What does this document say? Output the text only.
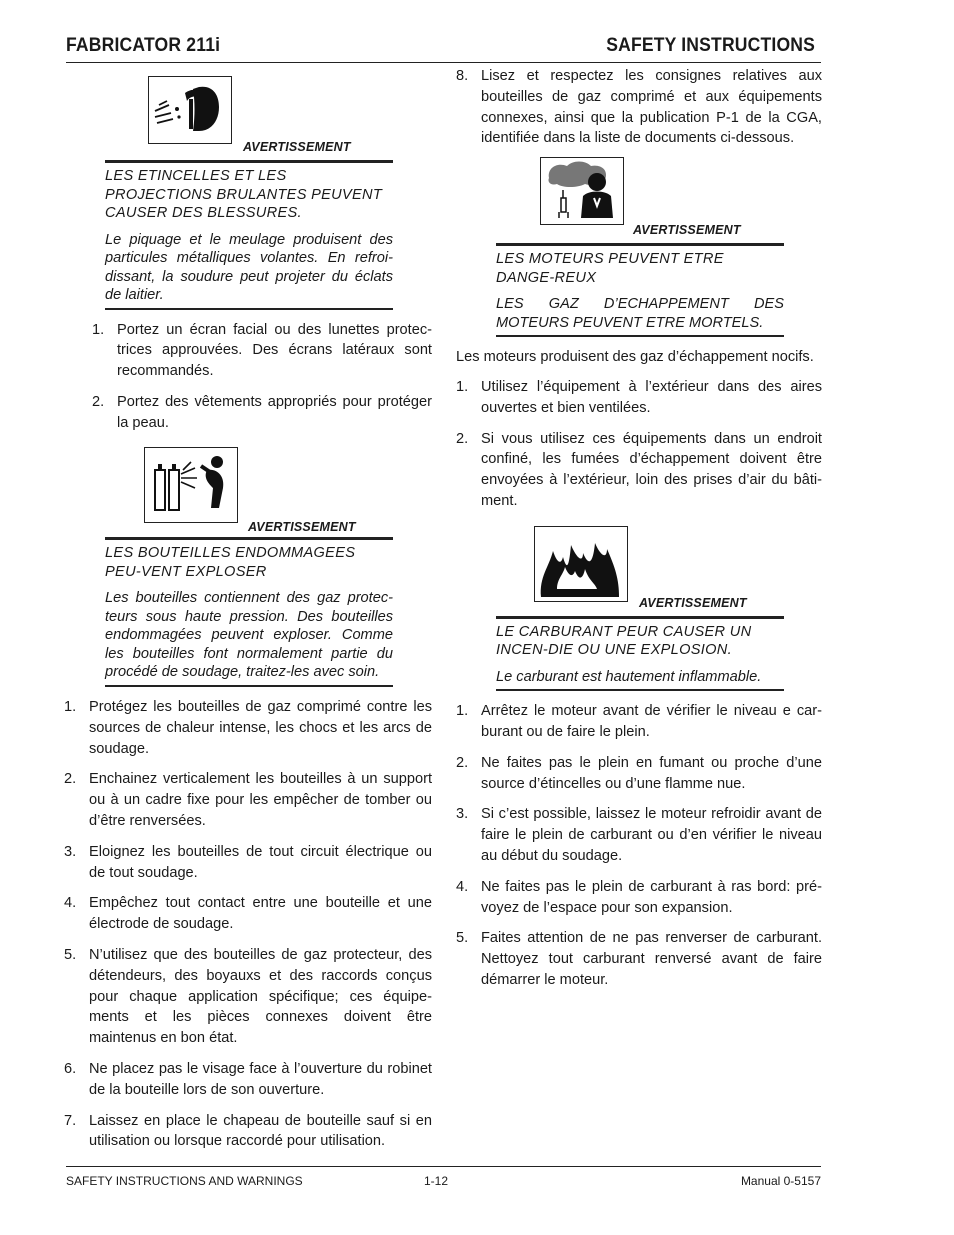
FABRICATOR 211i	SAFETY INSTRUCTIONS
AVERTISSEMENT

LES ETINCELLES ET LES PROJECTIONS BRULANTES PEUVENT CAUSER DES BLESSURES.

Le piquage et le meulage produisent des particules métalliques volantes. En refroi-dissant, la soudure peut projeter du éclats de laitier.

1. Portez un écran facial ou des lunettes protec-trices approuvées. Des écrans latéraux sont recommandés.
2. Portez des vêtements appropriés pour protéger la peau.
AVERTISSEMENT

LES BOUTEILLES ENDOMMAGEES PEU-VENT EXPLOSER

Les bouteilles contiennent des gaz protec-teurs sous haute pression. Des bouteilles endommagées peuvent exploser. Comme les bouteilles font normalement partie du procédé de soudage, traitez-les avec soin.

1. Protégez les bouteilles de gaz comprimé contre les sources de chaleur intense, les chocs et les arcs de soudage.
2. Enchainez verticalement les bouteilles à un support ou à un cadre fixe pour les empêcher de tomber ou d’être renversées.
3. Eloignez les bouteilles de tout circuit électrique ou de tout soudage.
4. Empêchez tout contact entre une bouteille et une électrode de soudage.
5. N’utilisez que des bouteilles de gaz protecteur, des détendeurs, des boyauxs et des raccords conçus pour chaque application spécifique; ces équipe-ments et les pièces connexes doivent être maintenus en bon état.
6. Ne placez pas le visage face à l’ouverture du robinet de la bouteille lors de son ouverture.
7. Laissez en place le chapeau de bouteille sauf si en utilisation ou lorsque raccordé pour utilisation.
8. Lisez et respectez les consignes relatives aux bouteilles de gaz comprimé et aux équipements connexes, ainsi que la publication P-1 de la CGA, identifiée dans la liste de documents ci-dessous.
AVERTISSEMENT

LES MOTEURS PEUVENT ETRE DANGE-REUX

LES GAZ D’ECHAPPEMENT DES MOTEURS PEUVENT ETRE MORTELS.

Les moteurs produisent des gaz d’échappement nocifs.

1. Utilisez l’équipement à l’extérieur dans des aires ouvertes et bien ventilées.
2. Si vous utilisez ces équipements dans un endroit confiné, les fumées d’échappement doivent être envoyées à l’extérieur, loin des prises d’air du bâti-ment.
AVERTISSEMENT

LE CARBURANT PEUR CAUSER UN INCEN-DIE OU UNE EXPLOSION.

Le carburant est hautement inflammable.

1. Arrêtez le moteur avant de vérifier le niveau e car-burant ou de faire le plein.
2. Ne faites pas le plein en fumant ou proche d’une source d’étincelles ou d’une flamme nue.
3. Si c’est possible, laissez le moteur refroidir avant de faire le plein de carburant ou d’en vérifier le niveau au début du soudage.
4. Ne faites pas le plein de carburant à ras bord: pré-voyez de l’espace pour son expansion.
5. Faites attention de ne pas renverser de carburant. Nettoyez tout carburant renversé avant de faire démarrer le moteur.
SAFETY INSTRUCTIONS AND WARNINGS	1-12	Manual 0-5157
